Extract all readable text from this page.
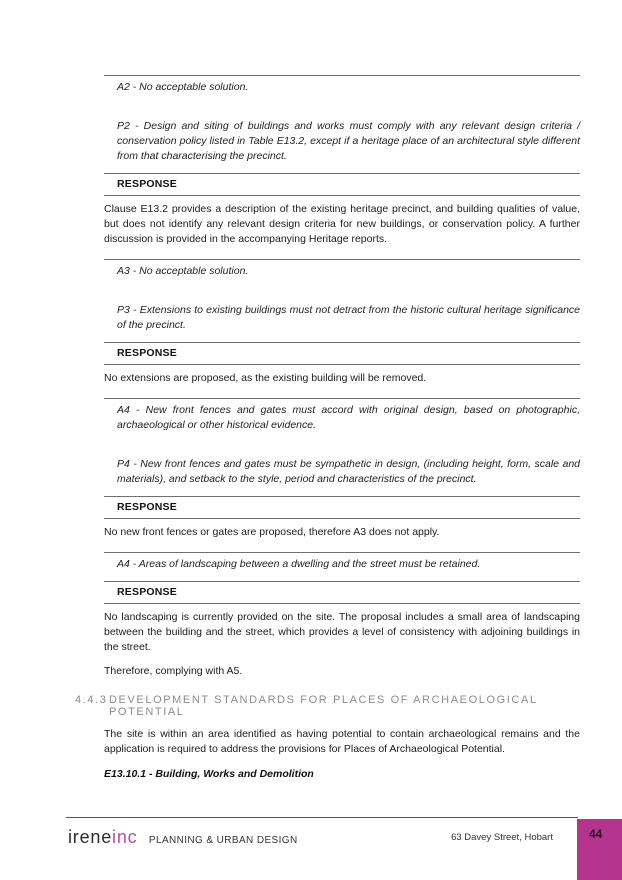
A2 - No acceptable solution.

P2 - Design and siting of buildings and works must comply with any relevant design criteria / conservation policy listed in Table E13.2, except if a heritage place of an architectural style different from that characterising the precinct.

RESPONSE

Clause E13.2 provides a description of the existing heritage precinct, and building qualities of value, but does not identify any relevant design criteria for new buildings, or conservation policy. A further discussion is provided in the accompanying Heritage reports.

A3 - No acceptable solution.

P3 - Extensions to existing buildings must not detract from the historic cultural heritage significance of the precinct.

RESPONSE

No extensions are proposed, as the existing building will be removed.

A4 - New front fences and gates must accord with original design, based on photographic, archaeological or other historical evidence.

P4 - New front fences and gates must be sympathetic in design, (including height, form, scale and materials), and setback to the style, period and characteristics of the precinct.

RESPONSE

No new front fences or gates are proposed, therefore A3 does not apply.

A4 - Areas of landscaping between a dwelling and the street must be retained.

RESPONSE

No landscaping is currently provided on the site. The proposal includes a small area of landscaping between the building and the street, which provides a level of consistency with adjoining buildings in the street.

Therefore, complying with A5.

4.4.3 DEVELOPMENT STANDARDS FOR PLACES OF ARCHAEOLOGICAL POTENTIAL

The site is within an area identified as having potential to contain archaeological remains and the application is required to address the provisions for Places of Archaeological Potential.

E13.10.1 - Building, Works and Demolition

ireneinc PLANNING & URBAN DESIGN	63 Davey Street, Hobart	44
